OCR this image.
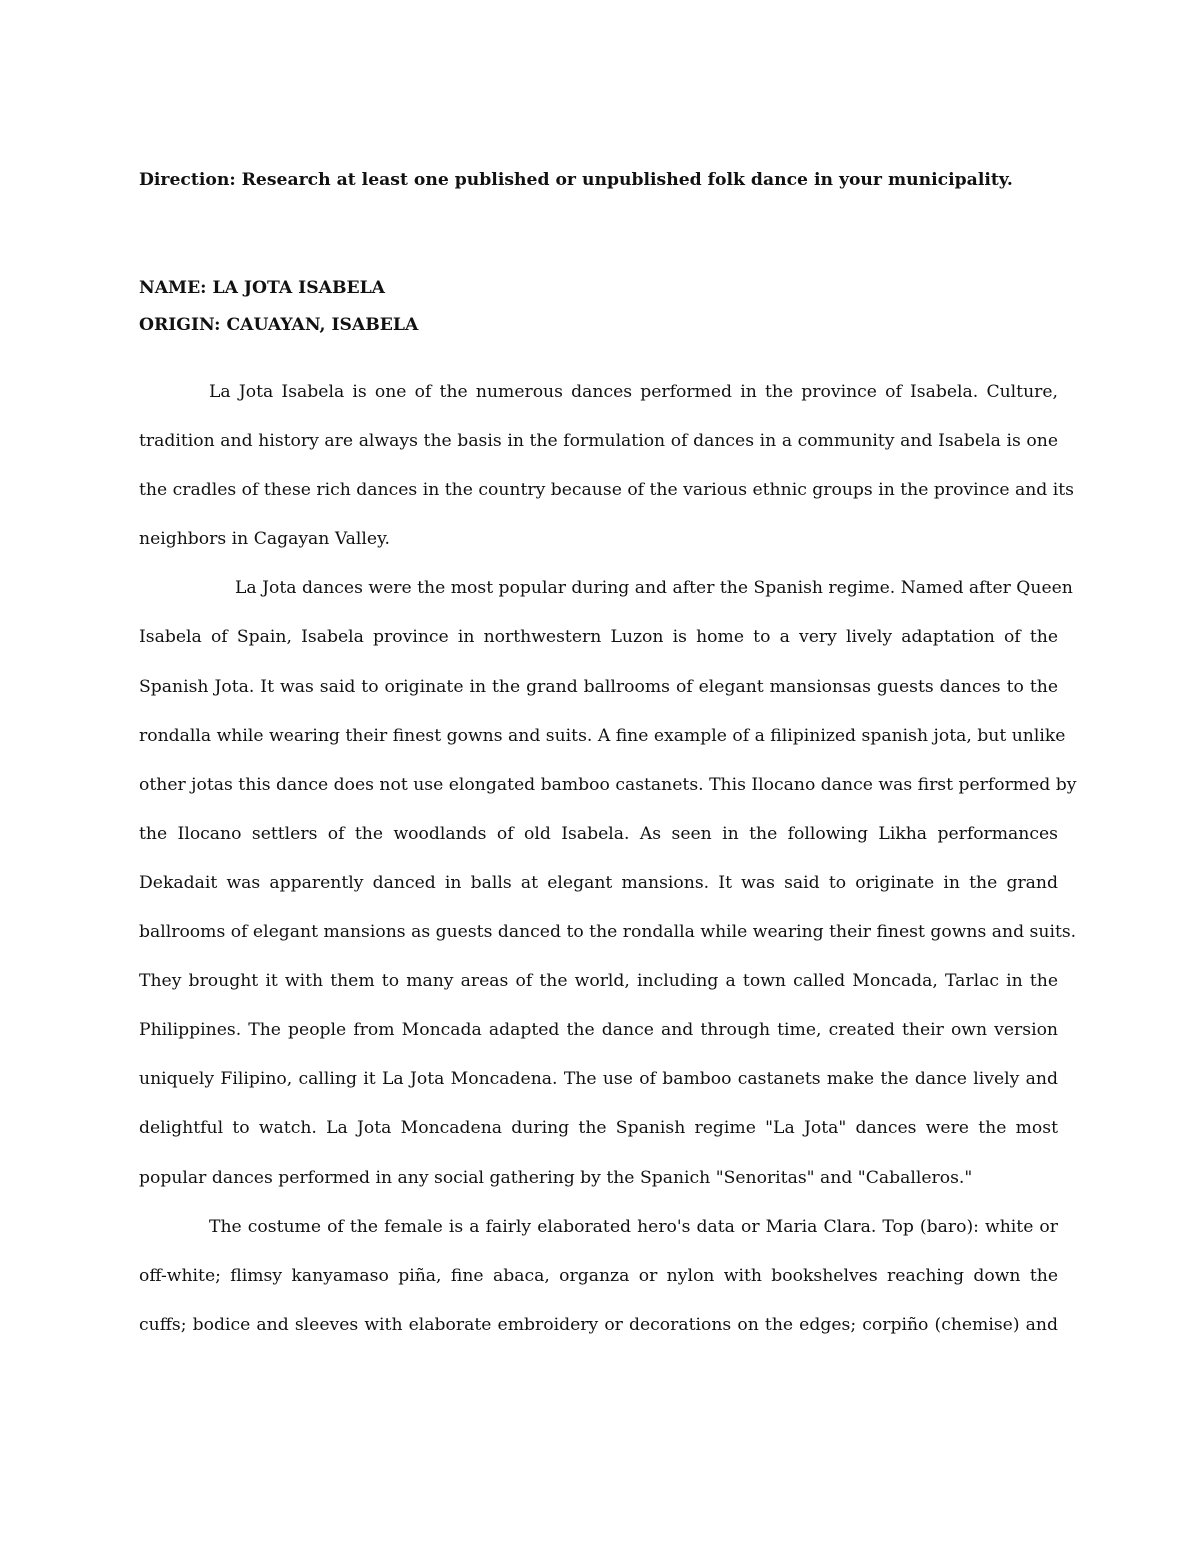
Direction: Research at least one published or unpublished folk dance in your municipality.
NAME: LA JOTA ISABELA
ORIGIN: CAUAYAN, ISABELA
La Jota Isabela is one of the numerous dances performed in the province of Isabela. Culture,
tradition and history are always the basis in the formulation of dances in a community and Isabela is one
the cradles of these rich dances in the country because of the various ethnic groups in the province and its
neighbors in Cagayan Valley.
La Jota dances were the most popular during and after the Spanish regime. Named after Queen
Isabela of Spain, Isabela province in northwestern Luzon is home to a very lively adaptation of the
Spanish Jota. It was said to originate in the grand ballrooms of elegant mansionsas guests dances to the
rondalla while wearing their finest gowns and suits. A fine example of a filipinized spanish jota, but unlike
other jotas this dance does not use elongated bamboo castanets. This Ilocano dance was first performed by
the Ilocano settlers of the woodlands of old Isabela. As seen in the following Likha performances
Dekadait was apparently danced in balls at elegant mansions. It was said to originate in the grand
ballrooms of elegant mansions as guests danced to the rondalla while wearing their finest gowns and suits.
They brought it with them to many areas of the world, including a town called Moncada, Tarlac in the
Philippines. The people from Moncada adapted the dance and through time, created their own version
uniquely Filipino, calling it La Jota Moncadena. The use of bamboo castanets make the dance lively and
delightful to watch. La Jota Moncadena during the Spanish regime "La Jota" dances were the most
popular dances performed in any social gathering by the Spanich "Senoritas" and "Caballeros."
The costume of the female is a fairly elaborated hero's data or Maria Clara. Top (baro): white or
off-white; flimsy kanyamaso piña, fine abaca, organza or nylon with bookshelves reaching down the
cuffs; bodice and sleeves with elaborate embroidery or decorations on the edges; corpiño (chemise) and
